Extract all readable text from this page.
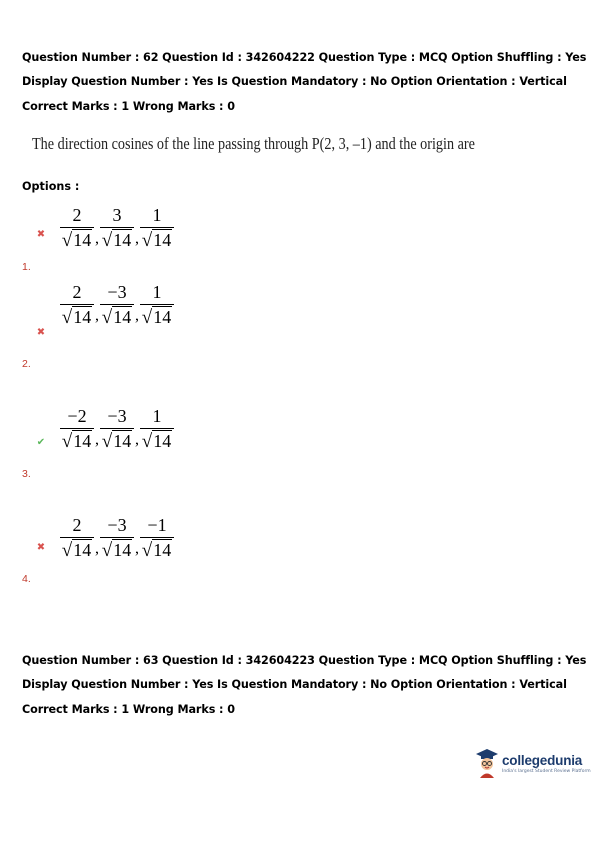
Question Number : 62 Question Id : 342604222 Question Type : MCQ Option Shuffling : Yes

Display Question Number : Yes Is Question Mandatory : No Option Orientation : Vertical

Correct Marks : 1 Wrong Marks : 0

The direction cosines of the line passing through P(2, 3, –1) and the origin are
Options :
✖ $\frac{2}{√14}$ , $\frac{3}{√14}$ , $\frac{1}{√14}$
1.
✖
$\frac{2}{√14}$ , $\frac{-3}{√14}$ , $\frac{1}{√14}$
2.
✔ $\frac{-2}{√14}$ , $\frac{-3}{√14}$ , $\frac{1}{√14}$
3.
✖ $\frac{2}{√14}$ , $\frac{-3}{√14}$ , $\frac{-1}{√14}$
4.

Question Number : 63 Question Id : 342604223 Question Type : MCQ Option Shuffling : Yes

Display Question Number : Yes Is Question Mandatory : No Option Orientation : Vertical

Correct Marks : 1 Wrong Marks : 0

collegedunia
India's largest Student Review Platform
